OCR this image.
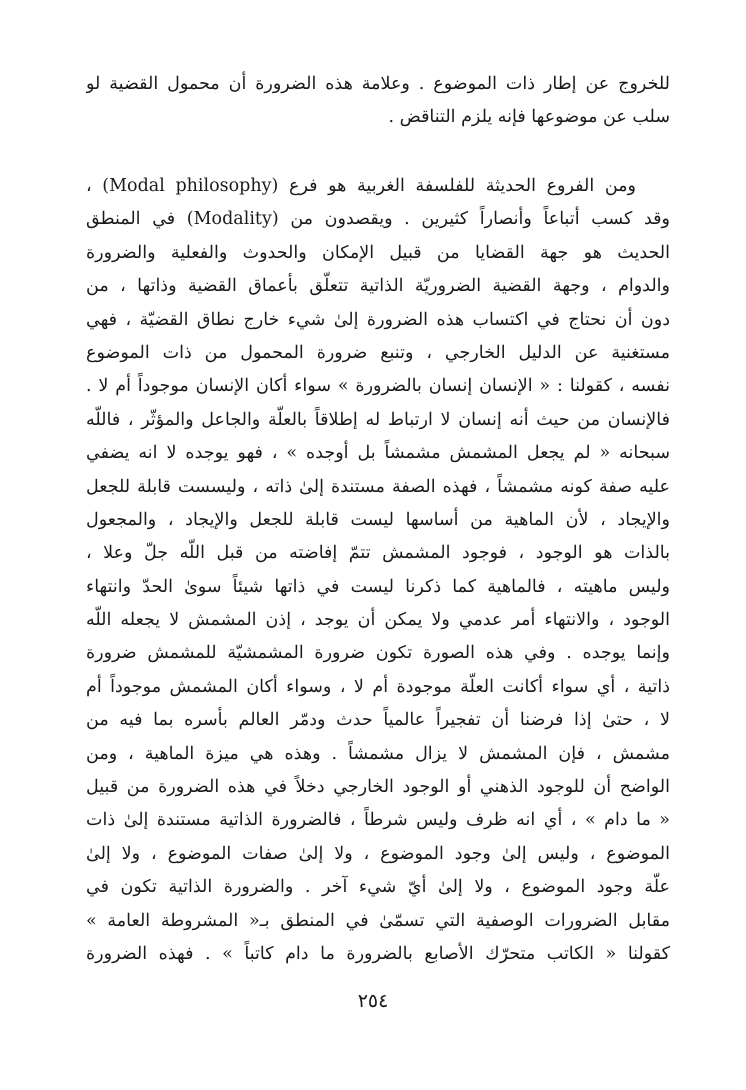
للخروج عن إطار ذات الموضوع . وعلامة هذه الضرورة أن محمول القضية لو
سلب عن موضوعها فإنه يلزم التناقض .
ومن الفروع الحديثة للفلسفة الغربية هو فرع (Modal philosophy) ،
وقد كسب أتباعاً وأنصاراً كثيرين . ويقصدون من (Modality) في المنطق
الحديث هو جهة القضايا من قبيل الإمكان والحدوث والفعلية والضرورة
والدوام ، وجهة القضية الضروريّة الذاتية تتعلّق بأعماق القضية وذاتها ، من
دون أن نحتاج في اكتساب هذه الضرورة إلىٰ شيء خارج نطاق القضيّة ، فهي
مستغنية عن الدليل الخارجي ، وتنبع ضرورة المحمول من ذات الموضوع
نفسه ، كقولنا : « الإنسان إنسان بالضرورة » سواء أكان الإنسان موجوداً أم لا .
فالإنسان من حيث أنه إنسان لا ارتباط له إطلاقاً بالعلّة والجاعل والمؤثّر ، فاللّه
سبحانه « لم يجعل المشمش مشمشاً بل أوجده » ، فهو يوجده لا انه يضفي
عليه صفة كونه مشمشاً ، فهذه الصفة مستندة إلىٰ ذاته ، وليسست قابلة للجعل
والإيجاد ، لأن الماهية من أساسها ليست قابلة للجعل والإيجاد ، والمجعول
بالذات هو الوجود ، فوجود المشمش تتمّ إفاضته من قبل اللّه جلّ وعلا ،
وليس ماهيته ، فالماهية كما ذكرنا ليست في ذاتها شيئاً سوىٰ الحدّ وانتهاء
الوجود ، والانتهاء أمر عدمي ولا يمكن أن يوجد ، إذن المشمش لا يجعله اللّه
وإنما يوجده . وفي هذه الصورة تكون ضرورة المشمشيّة للمشمش ضرورة
ذاتية ، أي سواء أكانت العلّة موجودة أم لا ، وسواء أكان المشمش موجوداً أم
لا ، حتىٰ إذا فرضنا أن تفجيراً عالمياً حدث ودمّر العالم بأسره بما فيه من
مشمش ، فإن المشمش لا يزال مشمشاً . وهذه هي ميزة الماهية ، ومن
الواضح أن للوجود الذهني أو الوجود الخارجي دخلاً في هذه الضرورة من قبيل
« ما دام » ، أي انه ظرف وليس شرطاً ، فالضرورة الذاتية مستندة إلىٰ ذات
الموضوع ، وليس إلىٰ وجود الموضوع ، ولا إلىٰ صفات الموضوع ، ولا إلىٰ
علّة وجود الموضوع ، ولا إلىٰ أيّ شيء آخر . والضرورة الذاتية تكون في
مقابل الضرورات الوصفية التي تسمّىٰ في المنطق بـ« المشروطة العامة »
كقولنا « الكاتب متحرّك الأصابع بالضرورة ما دام كاتباً » . فهذه الضرورة
٢٥٤
